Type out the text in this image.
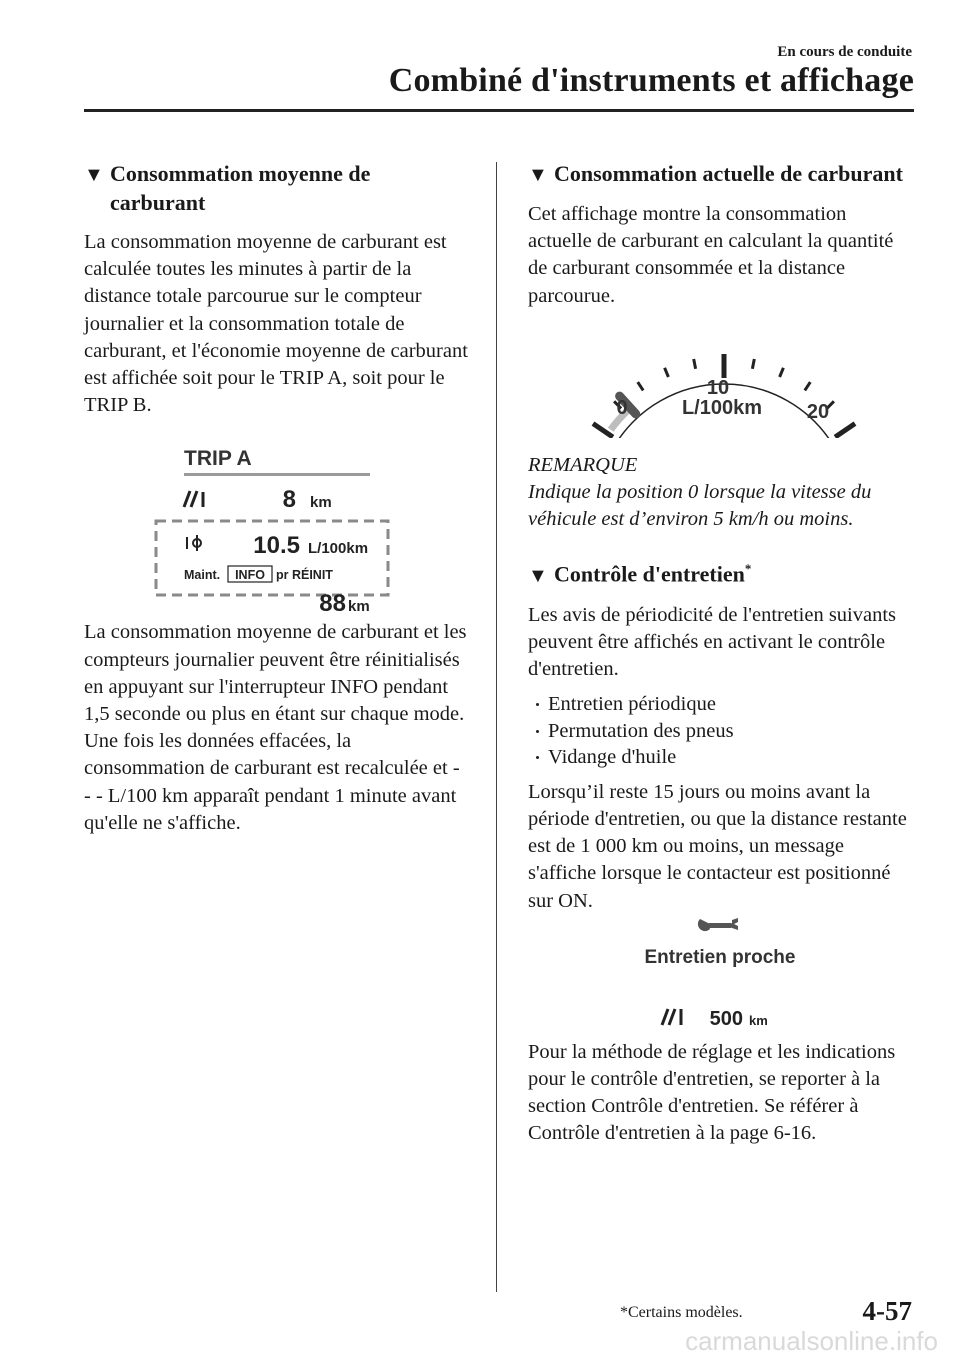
En cours de conduite
Combiné d'instruments et affichage
▼ Consommation moyenne de carburant

La consommation moyenne de carburant est calculée toutes les minutes à partir de la distance totale parcourue sur le compteur journalier et la consommation totale de carburant, et l'économie moyenne de carburant est affichée soit pour le TRIP A, soit pour le TRIP B.

TRIP A
8 km
10.5 L/100km
Maint. INFO pr RÉINIT
88 km

La consommation moyenne de carburant et les compteurs journalier peuvent être réinitialisés en appuyant sur l'interrupteur INFO pendant 1,5 seconde ou plus en étant sur chaque mode. Une fois les données effacées, la consommation de carburant est recalculée et - - - L/100 km apparaît pendant 1 minute avant qu'elle ne s'affiche.

▼ Consommation actuelle de carburant

Cet affichage montre la consommation actuelle de carburant en calculant la quantité de carburant consommée et la distance parcourue.

0
10
20
L/100km

REMARQUE

Indique la position 0 lorsque la vitesse du véhicule est d’environ 5 km/h ou moins.

▼ Contrôle d'entretien*

Les avis de périodicité de l'entretien suivants peuvent être affichés en activant le contrôle d'entretien.

Entretien périodique
Permutation des pneus
Vidange d'huile

Lorsqu’il reste 15 jours ou moins avant la période d'entretien, ou que la distance restante est de 1 000 km ou moins, un message s'affiche lorsque le contacteur est positionné sur ON.

Entretien proche
500 km

Pour la méthode de réglage et les indications pour le contrôle d'entretien, se reporter à la section Contrôle d'entretien. Se référer à Contrôle d'entretien à la page 6-16.

*Certains modèles.	4-57
carmanualsonline.info
